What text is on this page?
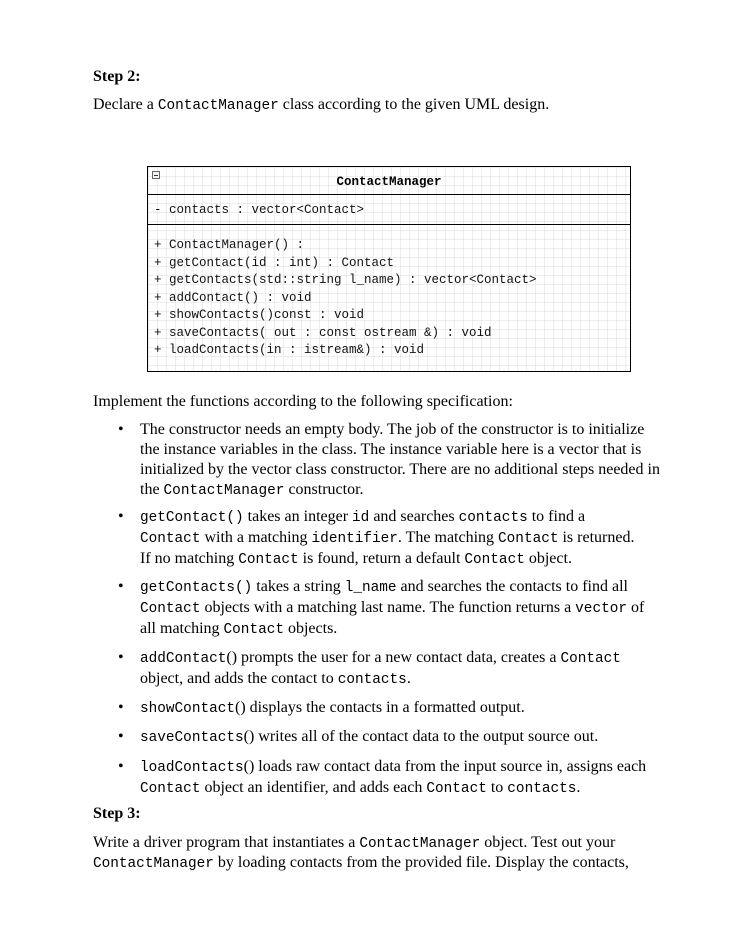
Step 2:
Declare a ContactManager class according to the given UML design.
ContactManager
- contacts : vector<Contact>
+ ContactManager() :
+ getContact(id : int) : Contact
+ getContacts(std::string l_name) : vector<Contact>
+ addContact() : void
+ showContacts()const : void
+ saveContacts( out : const ostream &) : void
+ loadContacts(in : istream&) : void
Implement the functions according to the following specification:
• The constructor needs an empty body. The job of the constructor is to initialize
the instance variables in the class. The instance variable here is a vector that is
initialized by the vector class constructor. There are no additional steps needed in
the ContactManager constructor.
• getContact() takes an integer id and searches contacts to find a
Contact with a matching identifier. The matching Contact is returned.
If no matching Contact is found, return a default Contact object.
• getContacts() takes a string l_name and searches the contacts to find all
Contact objects with a matching last name. The function returns a vector of
all matching Contact objects.
• addContact() prompts the user for a new contact data, creates a Contact
object, and adds the contact to contacts.
• showContact() displays the contacts in a formatted output.
• saveContacts() writes all of the contact data to the output source out.
• loadContacts() loads raw contact data from the input source in, assigns each
Contact object an identifier, and adds each Contact to contacts.
Step 3:
Write a driver program that instantiates a ContactManager object. Test out your
ContactManager by loading contacts from the provided file. Display the contacts,
